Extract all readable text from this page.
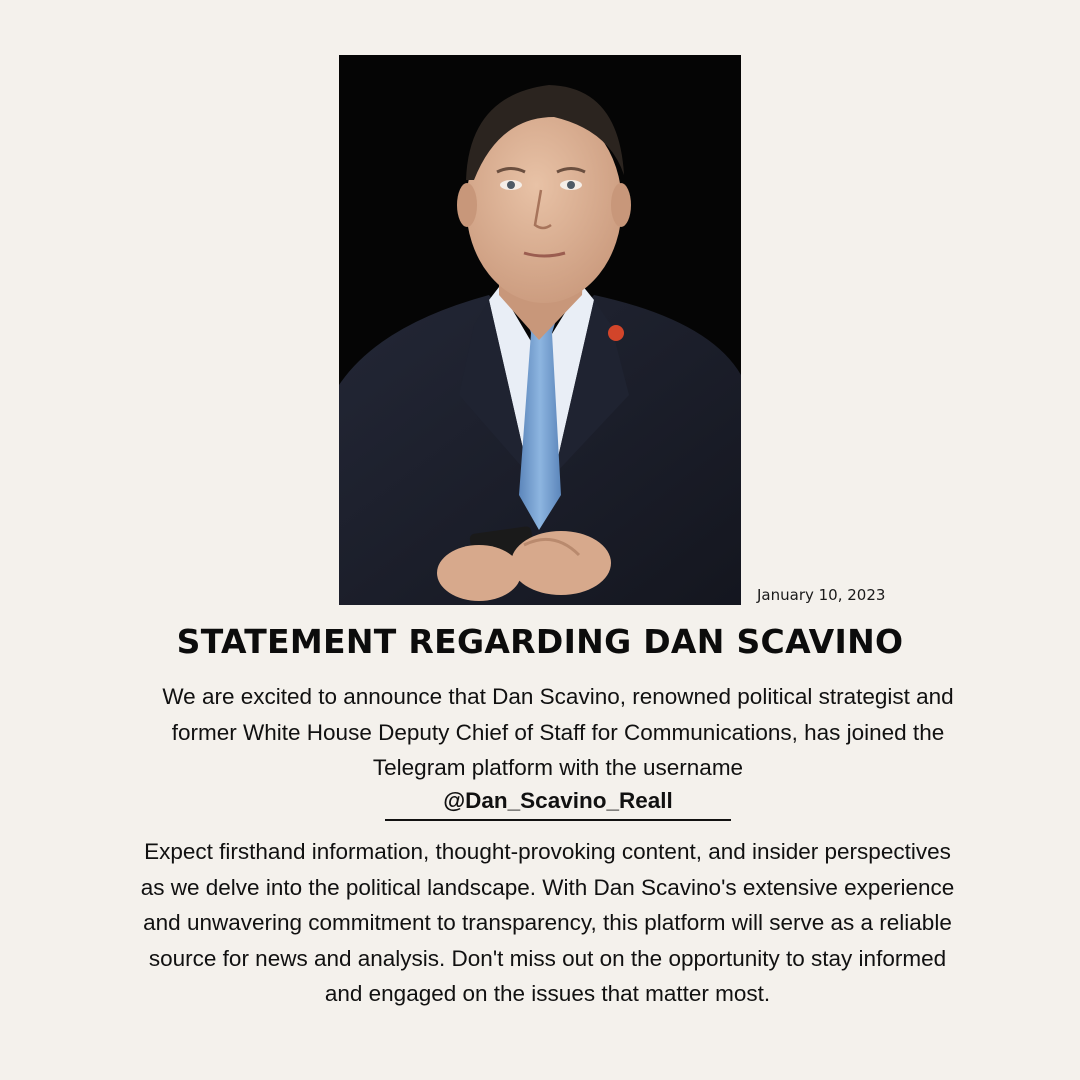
January 10, 2023
STATEMENT REGARDING DAN SCAVINO

We are excited to announce that Dan Scavino, renowned political strategist and former White House Deputy Chief of Staff for Communications, has joined the Telegram platform with the username

@Dan_Scavino_Reall

Expect firsthand information, thought-provoking content, and insider perspectives as we delve into the political landscape. With Dan Scavino's extensive experience and unwavering commitment to transparency, this platform will serve as a reliable source for news and analysis. Don't miss out on the opportunity to stay informed and engaged on the issues that matter most.
